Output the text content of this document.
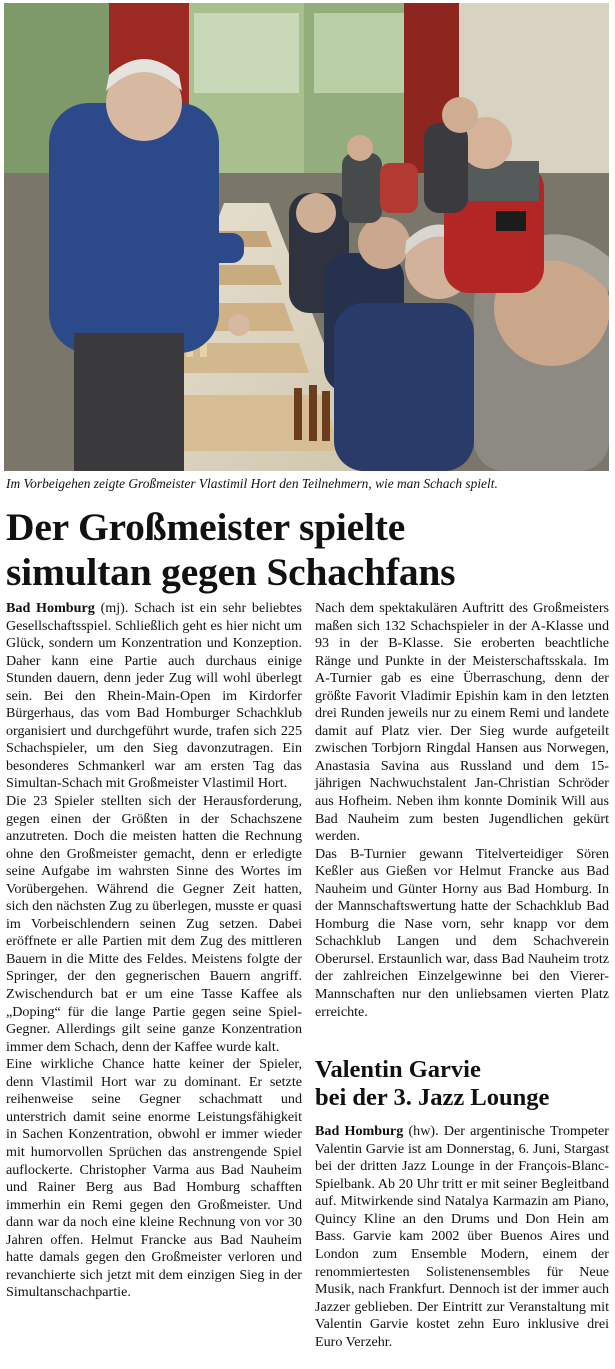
Im Vorbeigehen zeigte Großmeister Vlastimil Hort den Teilnehmern, wie man Schach spielt.
Der Großmeister spielte
simultan gegen Schachfans

Bad Homburg (mj). Schach ist ein sehr beliebtes Gesellschaftsspiel. Schließlich geht es hier nicht um Glück, sondern um Konzentration und Konzeption. Daher kann eine Partie auch durchaus einige Stunden dauern, denn jeder Zug will wohl überlegt sein. Bei den Rhein-Main-Open im Kirdorfer Bürgerhaus, das vom Bad Homburger Schachklub organisiert und durchgeführt wurde, trafen sich 225 Schachspieler, um den Sieg davonzutragen. Ein besonderes Schmankerl war am ersten Tag das Simultan-Schach mit Großmeister Vlastimil Hort.

Die 23 Spieler stellten sich der Herausforderung, gegen einen der Größten in der Schachszene anzutreten. Doch die meisten hatten die Rechnung ohne den Großmeister gemacht, denn er erledigte seine Aufgabe im wahrsten Sinne des Wortes im Vorübergehen. Während die Gegner Zeit hatten, sich den nächsten Zug zu überlegen, musste er quasi im Vorbeischlendern seinen Zug setzen. Dabei eröffnete er alle Partien mit dem Zug des mittleren Bauern in die Mitte des Feldes. Meistens folgte der Springer, der den gegnerischen Bauern angriff. Zwischendurch bat er um eine Tasse Kaffee als „Doping“ für die lange Partie gegen seine Spiel-Gegner. Allerdings gilt seine ganze Konzentration immer dem Schach, denn der Kaffee wurde kalt.

Eine wirkliche Chance hatte keiner der Spieler, denn Vlastimil Hort war zu dominant. Er setzte reihenweise seine Gegner schachmatt und unterstrich damit seine enorme Leistungsfähigkeit in Sachen Konzentration, obwohl er immer wieder mit humorvollen Sprüchen das anstrengende Spiel auflockerte. Christopher Varma aus Bad Nauheim und Rainer Berg aus Bad Homburg schafften immerhin ein Remi gegen den Großmeister. Und dann war da noch eine kleine Rechnung von vor 30 Jahren offen. Helmut Francke aus Bad Nauheim hatte damals gegen den Großmeister verloren und revanchierte sich jetzt mit dem einzigen Sieg in der Simultanschachpartie.

Nach dem spektakulären Auftritt des Großmeisters maßen sich 132 Schachspieler in der A-Klasse und 93 in der B-Klasse. Sie eroberten beachtliche Ränge und Punkte in der Meisterschaftsskala. Im A-Turnier gab es eine Überraschung, denn der größte Favorit Vladimir Epishin kam in den letzten drei Runden jeweils nur zu einem Remi und landete damit auf Platz vier. Der Sieg wurde aufgeteilt zwischen Torbjorn Ringdal Hansen aus Norwegen, Anastasia Savina aus Russland und dem 15-jährigen Nachwuchstalent Jan-Christian Schröder aus Hofheim. Neben ihm konnte Dominik Will aus Bad Nauheim zum besten Jugendlichen gekürt werden.

Das B-Turnier gewann Titelverteidiger Sören Keßler aus Gießen vor Helmut Francke aus Bad Nauheim und Günter Horny aus Bad Homburg. In der Mannschaftswertung hatte der Schachklub Bad Homburg die Nase vorn, sehr knapp vor dem Schachklub Langen und dem Schachverein Oberursel. Erstaunlich war, dass Bad Nauheim trotz der zahlreichen Einzelgewinne bei den Vierer-Mannschaften nur den unliebsamen vierten Platz erreichte.

Valentin Garvie
bei der 3. Jazz Lounge

Bad Homburg (hw). Der argentinische Trompeter Valentin Garvie ist am Donnerstag, 6. Juni, Stargast bei der dritten Jazz Lounge in der François-Blanc-Spielbank. Ab 20 Uhr tritt er mit seiner Begleitband auf. Mitwirkende sind Natalya Karmazin am Piano, Quincy Kline an den Drums und Don Hein am Bass. Garvie kam 2002 über Buenos Aires und London zum Ensemble Modern, einem der renommiertesten Solistenensembles für Neue Musik, nach Frankfurt. Dennoch ist der immer auch Jazzer geblieben. Der Eintritt zur Veranstaltung mit Valentin Garvie kostet zehn Euro inklusive drei Euro Verzehr.
